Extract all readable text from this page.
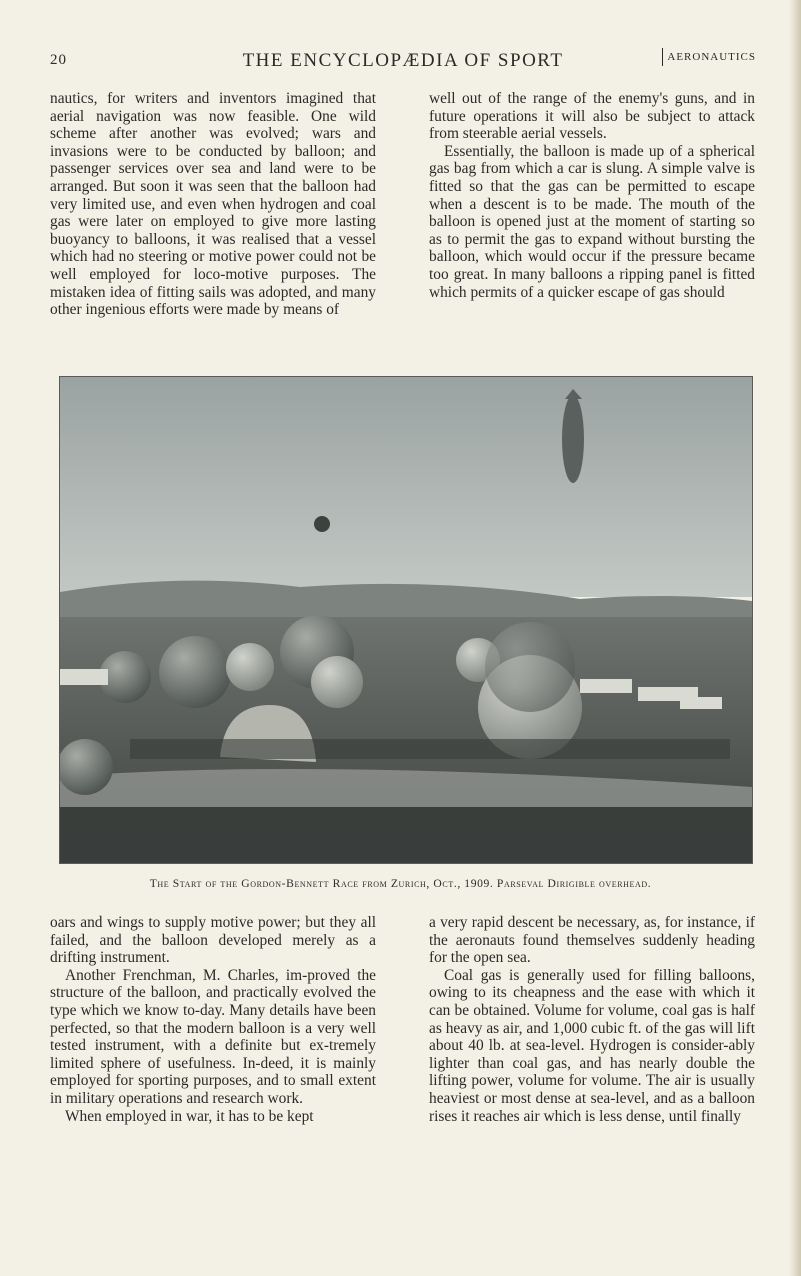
20	THE ENCYCLOPÆDIA OF SPORT	AERONAUTICS

nautics, for writers and inventors imagined that aerial navigation was now feasible. One wild scheme after another was evolved; wars and invasions were to be conducted by balloon; and passenger services over sea and land were to be arranged. But soon it was seen that the balloon had very limited use, and even when hydrogen and coal gas were later on employed to give more lasting buoyancy to balloons, it was realised that a vessel which had no steering or motive power could not be well employed for loco-motive purposes. The mistaken idea of fitting sails was adopted, and many other ingenious efforts were made by means of

well out of the range of the enemy's guns, and in future operations it will also be subject to attack from steerable aerial vessels.

Essentially, the balloon is made up of a spherical gas bag from which a car is slung. A simple valve is fitted so that the gas can be permitted to escape when a descent is to be made. The mouth of the balloon is opened just at the moment of starting so as to permit the gas to expand without bursting the balloon, which would occur if the pressure became too great. In many balloons a ripping panel is fitted which permits of a quicker escape of gas should

The Start of the Gordon-Bennett Race from Zurich, Oct., 1909. Parseval Dirigible overhead.

oars and wings to supply motive power; but they all failed, and the balloon developed merely as a drifting instrument.

Another Frenchman, M. Charles, im-proved the structure of the balloon, and practically evolved the type which we know to-day. Many details have been perfected, so that the modern balloon is a very well tested instrument, with a definite but ex-tremely limited sphere of usefulness. In-deed, it is mainly employed for sporting purposes, and to small extent in military operations and research work.

When employed in war, it has to be kept

a very rapid descent be necessary, as, for instance, if the aeronauts found themselves suddenly heading for the open sea.

Coal gas is generally used for filling balloons, owing to its cheapness and the ease with which it can be obtained. Volume for volume, coal gas is half as heavy as air, and 1,000 cubic ft. of the gas will lift about 40 lb. at sea-level. Hydrogen is consider-ably lighter than coal gas, and has nearly double the lifting power, volume for volume. The air is usually heaviest or most dense at sea-level, and as a balloon rises it reaches air which is less dense, until finally
